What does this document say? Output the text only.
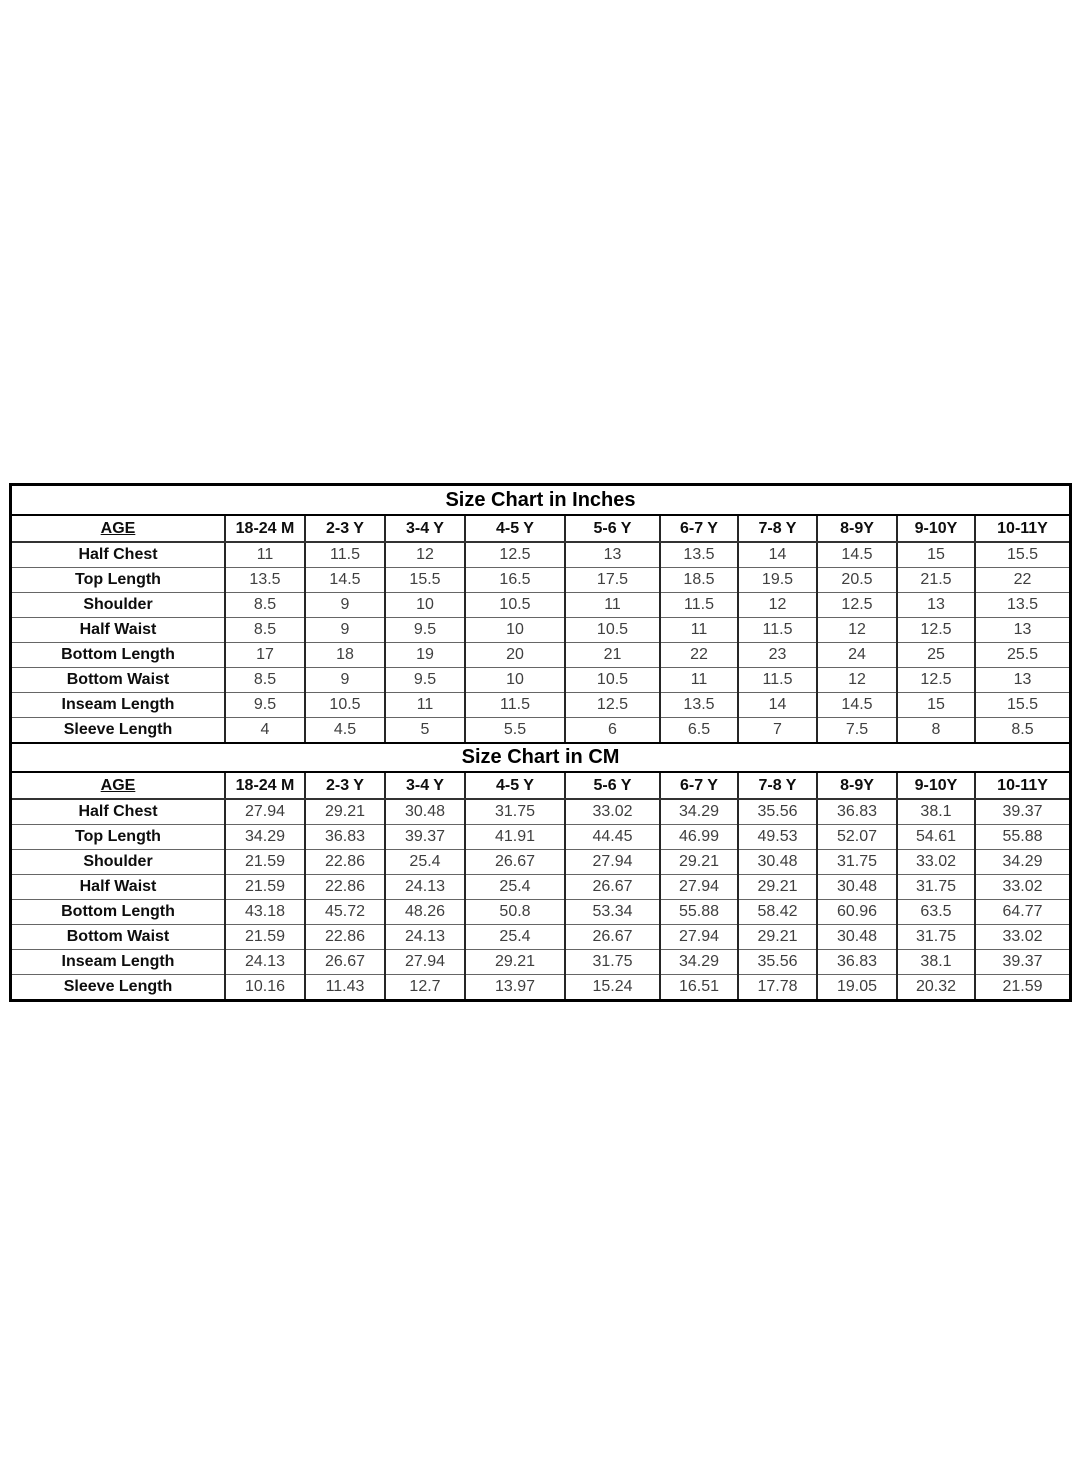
Size Chart in Inches										
AGE	18-24 M	2-3 Y	3-4 Y	4-5 Y	5-6 Y	6-7 Y	7-8 Y	8-9Y	9-10Y	10-11Y
Half Chest	11	11.5	12	12.5	13	13.5	14	14.5	15	15.5
Top Length	13.5	14.5	15.5	16.5	17.5	18.5	19.5	20.5	21.5	22
Shoulder	8.5	9	10	10.5	11	11.5	12	12.5	13	13.5
Half Waist	8.5	9	9.5	10	10.5	11	11.5	12	12.5	13
Bottom Length	17	18	19	20	21	22	23	24	25	25.5
Bottom Waist	8.5	9	9.5	10	10.5	11	11.5	12	12.5	13
Inseam Length	9.5	10.5	11	11.5	12.5	13.5	14	14.5	15	15.5
Sleeve Length	4	4.5	5	5.5	6	6.5	7	7.5	8	8.5
Size Chart in CM										
AGE	18-24 M	2-3 Y	3-4 Y	4-5 Y	5-6 Y	6-7 Y	7-8 Y	8-9Y	9-10Y	10-11Y
Half Chest	27.94	29.21	30.48	31.75	33.02	34.29	35.56	36.83	38.1	39.37
Top Length	34.29	36.83	39.37	41.91	44.45	46.99	49.53	52.07	54.61	55.88
Shoulder	21.59	22.86	25.4	26.67	27.94	29.21	30.48	31.75	33.02	34.29
Half Waist	21.59	22.86	24.13	25.4	26.67	27.94	29.21	30.48	31.75	33.02
Bottom Length	43.18	45.72	48.26	50.8	53.34	55.88	58.42	60.96	63.5	64.77
Bottom Waist	21.59	22.86	24.13	25.4	26.67	27.94	29.21	30.48	31.75	33.02
Inseam Length	24.13	26.67	27.94	29.21	31.75	34.29	35.56	36.83	38.1	39.37
Sleeve Length	10.16	11.43	12.7	13.97	15.24	16.51	17.78	19.05	20.32	21.59
